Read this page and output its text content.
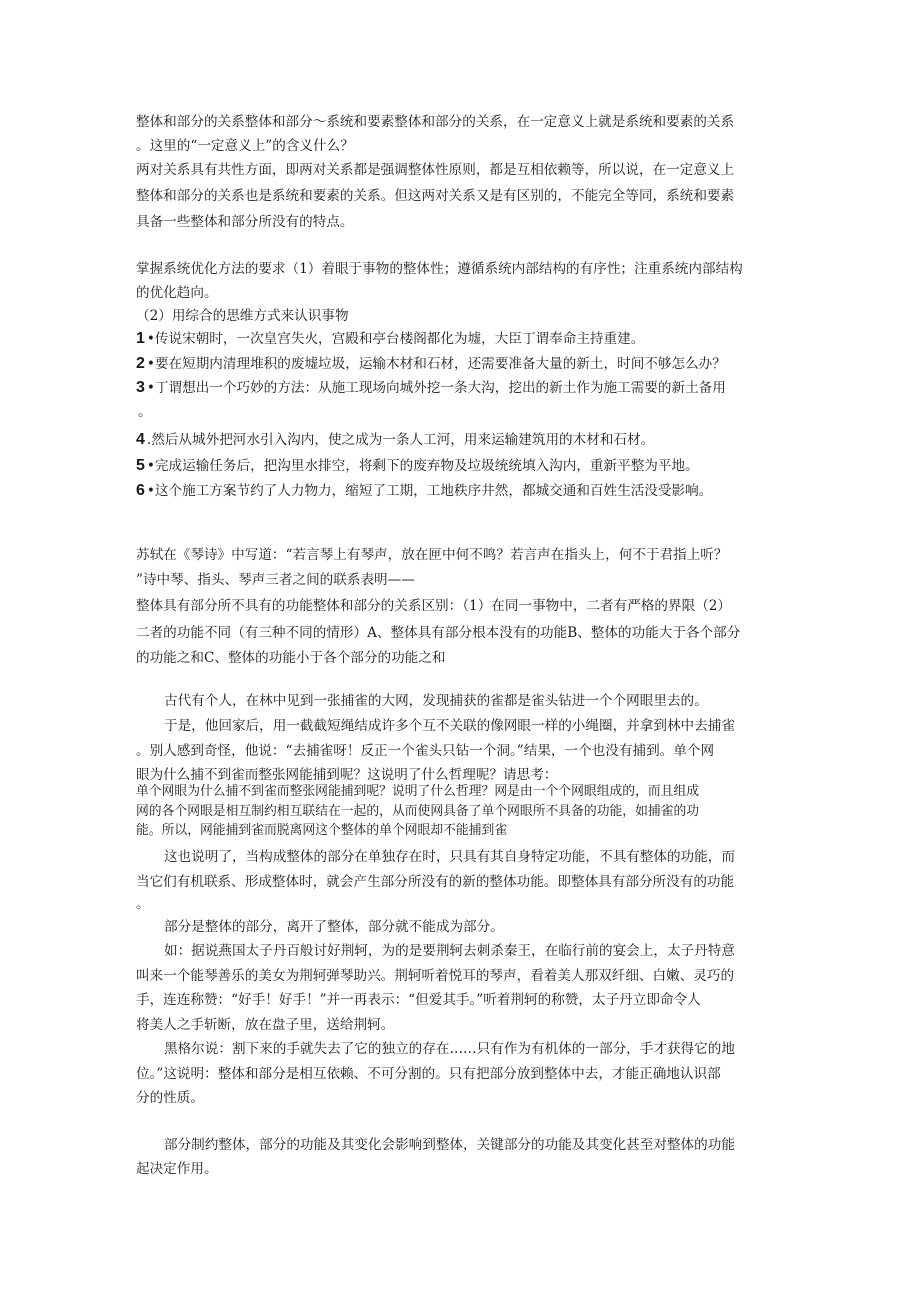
整体和部分的关系整体和部分～系统和要素整体和部分的关系，在一定意义上就是系统和要素的关系

。这里的“一定意义上”的含义什么？

两对关系具有共性方面，即两对关系都是强调整体性原则，都是互相依赖等，所以说，在一定意义上

整体和部分的关系也是系统和要素的关系。但这两对关系又是有区别的，不能完全等同，系统和要素

具备一些整体和部分所没有的特点。

掌握系统优化方法的要求（1）着眼于事物的整体性；遵循系统内部结构的有序性；注重系统内部结构

的优化趋向。

（2）用综合的思维方式来认识事物

1 •传说宋朝时，一次皇宫失火，宫殿和亭台楼阁都化为墟，大臣丁谓奉命主持重建。

2 •要在短期内清理堆积的废墟垃圾，运输木材和石材，还需要准备大量的新土，时间不够怎么办？

3 •丁谓想出一个巧妙的方法：从施工现场向城外挖一条大沟，挖出的新土作为施工需要的新土备用

。

4 .然后从城外把河水引入沟内，使之成为一条人工河，用来运输建筑用的木材和石材。

5 •完成运输任务后，把沟里水排空，将剩下的废弃物及垃圾统统填入沟内，重新平整为平地。

6 •这个施工方案节约了人力物力，缩短了工期，工地秩序井然，都城交通和百姓生活没受影响。

苏轼在《琴诗》中写道：“若言琴上有琴声，放在匣中何不鸣？若言声在指头上，何不于君指上听？

”诗中琴、指头、琴声三者之间的联系表明——

整体具有部分所不具有的功能整体和部分的关系区别：（1）在同一事物中，二者有严格的界限（2）

二者的功能不同（有三种不同的情形）A、整体具有部分根本没有的功能B、整体的功能大于各个部分

的功能之和C、整体的功能小于各个部分的功能之和

古代有个人，在林中见到一张捕雀的大网，发现捕获的雀都是雀头钻进一个个网眼里去的。

于是，他回家后，用一截截短绳结成许多个互不关联的像网眼一样的小绳圈，并拿到林中去捕雀

。别人感到奇怪，他说：“去捕雀呀！反正一个雀头只钻一个洞。”结果，一个也没有捕到。单个网

眼为什么捕不到雀而整张网能捕到呢？这说明了什么哲理呢？请思考：

单个网眼为什么捕不到雀而整张网能捕到呢？说明了什么哲理？网是由一个个网眼组成的，而且组成

网的各个网眼是相互制约相互联结在一起的，从而使网具备了单个网眼所不具备的功能，如捕雀的功

能。所以，网能捕到雀而脱离网这个整体的单个网眼却不能捕到雀

这也说明了，当构成整体的部分在单独存在时，只具有其自身特定功能，不具有整体的功能，而

当它们有机联系、形成整体时，就会产生部分所没有的新的整体功能。即整体具有部分所没有的功能

。

部分是整体的部分，离开了整体，部分就不能成为部分。

如：据说燕国太子丹百般讨好荆轲，为的是要荆轲去刺杀秦王，在临行前的宴会上，太子丹特意

叫来一个能琴善乐的美女为荆轲弹琴助兴。荆轲听着悦耳的琴声，看着美人那双纤细、白嫩、灵巧的

手，连连称赞：“好手！好手！”并一再表示：“但爱其手。”听着荆轲的称赞，太子丹立即命令人

将美人之手斩断，放在盘子里，送给荆轲。

黑格尔说：割下来的手就失去了它的独立的存在……只有作为有机体的一部分，手才获得它的地

位。”这说明：整体和部分是相互依赖、不可分割的。只有把部分放到整体中去，才能正确地认识部

分的性质。

部分制约整体，部分的功能及其变化会影响到整体，关键部分的功能及其变化甚至对整体的功能

起决定作用。
